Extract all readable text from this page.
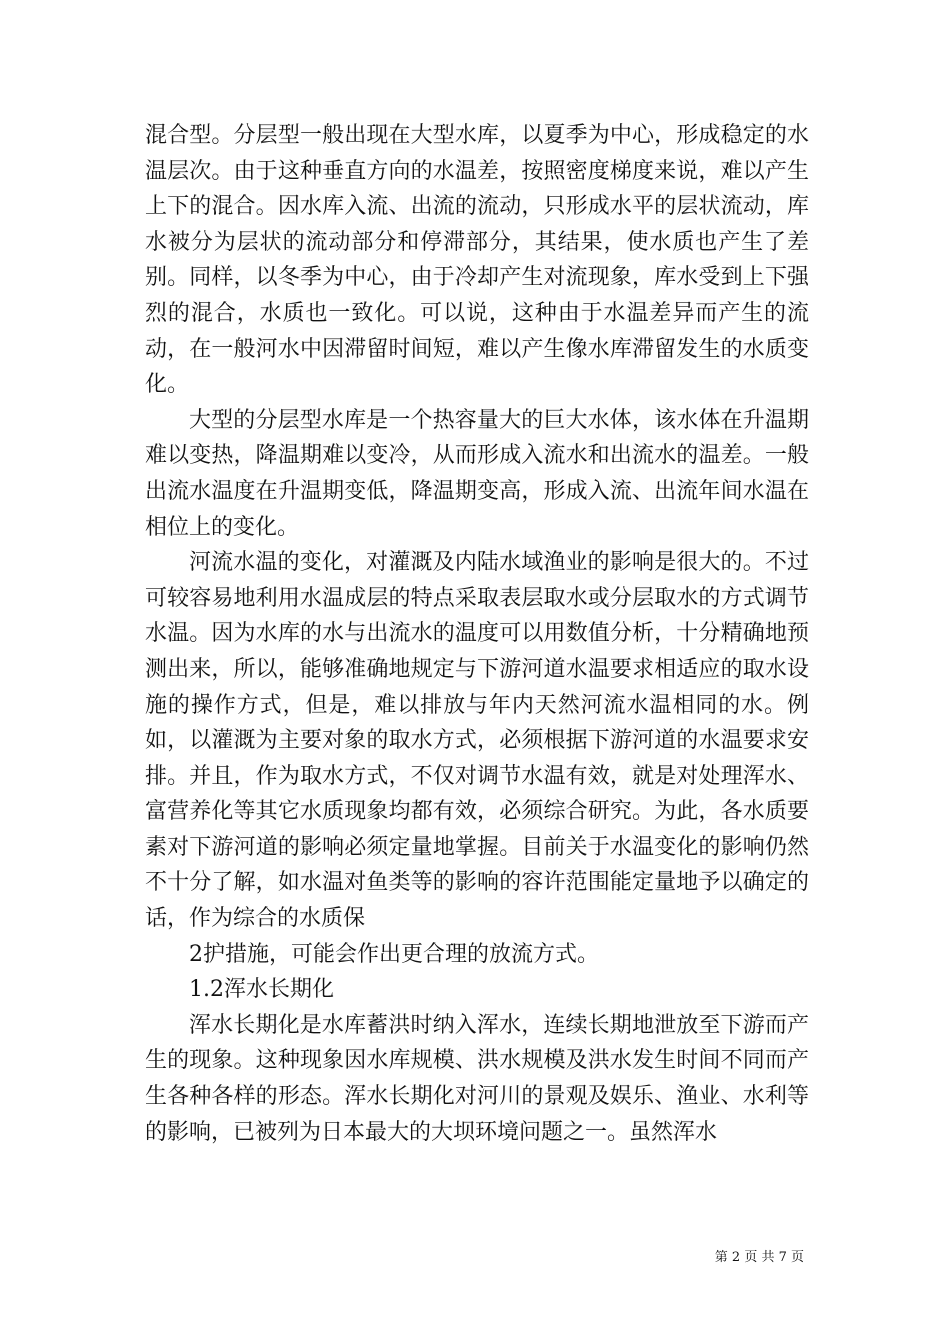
混合型。分层型一般出现在大型水库，以夏季为中心，形成稳定的水温层次。由于这种垂直方向的水温差，按照密度梯度来说，难以产生上下的混合。因水库入流、出流的流动，只形成水平的层状流动，库水被分为层状的流动部分和停滞部分，其结果，使水质也产生了差别。同样，以冬季为中心，由于冷却产生对流现象，库水受到上下强烈的混合，水质也一致化。可以说，这种由于水温差异而产生的流动，在一般河水中因滞留时间短，难以产生像水库滞留发生的水质变化。

大型的分层型水库是一个热容量大的巨大水体，该水体在升温期难以变热，降温期难以变冷，从而形成入流水和出流水的温差。一般出流水温度在升温期变低，降温期变高，形成入流、出流年间水温在相位上的变化。

河流水温的变化，对灌溉及内陆水域渔业的影响是很大的。不过可较容易地利用水温成层的特点采取表层取水或分层取水的方式调节水温。因为水库的水与出流水的温度可以用数值分析，十分精确地预测出来，所以，能够准确地规定与下游河道水温要求相适应的取水设施的操作方式，但是，难以排放与年内天然河流水温相同的水。例如，以灌溉为主要对象的取水方式，必须根据下游河道的水温要求安排。并且，作为取水方式，不仅对调节水温有效，就是对处理浑水、富营养化等其它水质现象均都有效，必须综合研究。为此，各水质要素对下游河道的影响必须定量地掌握。目前关于水温变化的影响仍然不十分了解，如水温对鱼类等的影响的容许范围能定量地予以确定的话，作为综合的水质保

2护措施，可能会作出更合理的放流方式。

1.2浑水长期化

浑水长期化是水库蓄洪时纳入浑水，连续长期地泄放至下游而产生的现象。这种现象因水库规模、洪水规模及洪水发生时间不同而产生各种各样的形态。浑水长期化对河川的景观及娱乐、渔业、水利等的影响，已被列为日本最大的大坝环境问题之一。虽然浑水

第 2 页 共 7 页
